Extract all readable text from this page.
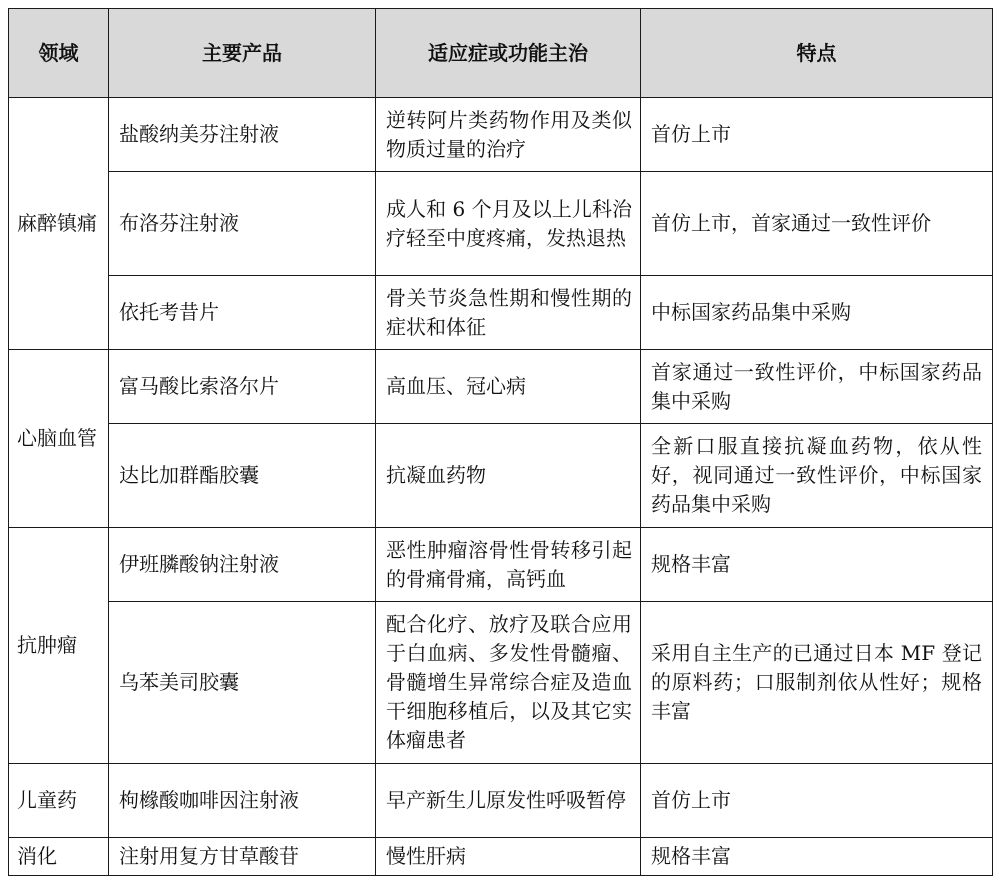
领域	主要产品	适应症或功能主治	特点
麻醉镇痛	盐酸纳美芬注射液	逆转阿片类药物作用及类似物质过量的治疗	首仿上市
	布洛芬注射液	成人和 6 个月及以上儿科治疗轻至中度疼痛，发热退热	首仿上市，首家通过一致性评价
	依托考昔片	骨关节炎急性期和慢性期的症状和体征	中标国家药品集中采购
心脑血管	富马酸比索洛尔片	高血压、冠心病	首家通过一致性评价，中标国家药品集中采购
	达比加群酯胶囊	抗凝血药物	全新口服直接抗凝血药物，依从性好，视同通过一致性评价，中标国家药品集中采购
抗肿瘤	伊班膦酸钠注射液	恶性肿瘤溶骨性骨转移引起的骨痛骨痛，高钙血	规格丰富
	乌苯美司胶囊	配合化疗、放疗及联合应用于白血病、多发性骨髓瘤、骨髓增生异常综合症及造血干细胞移植后，以及其它实体瘤患者	采用自主生产的已通过日本 MF 登记的原料药；口服制剂依从性好；规格丰富
儿童药	枸橼酸咖啡因注射液	早产新生儿原发性呼吸暂停	首仿上市
消化	注射用复方甘草酸苷	慢性肝病	规格丰富
